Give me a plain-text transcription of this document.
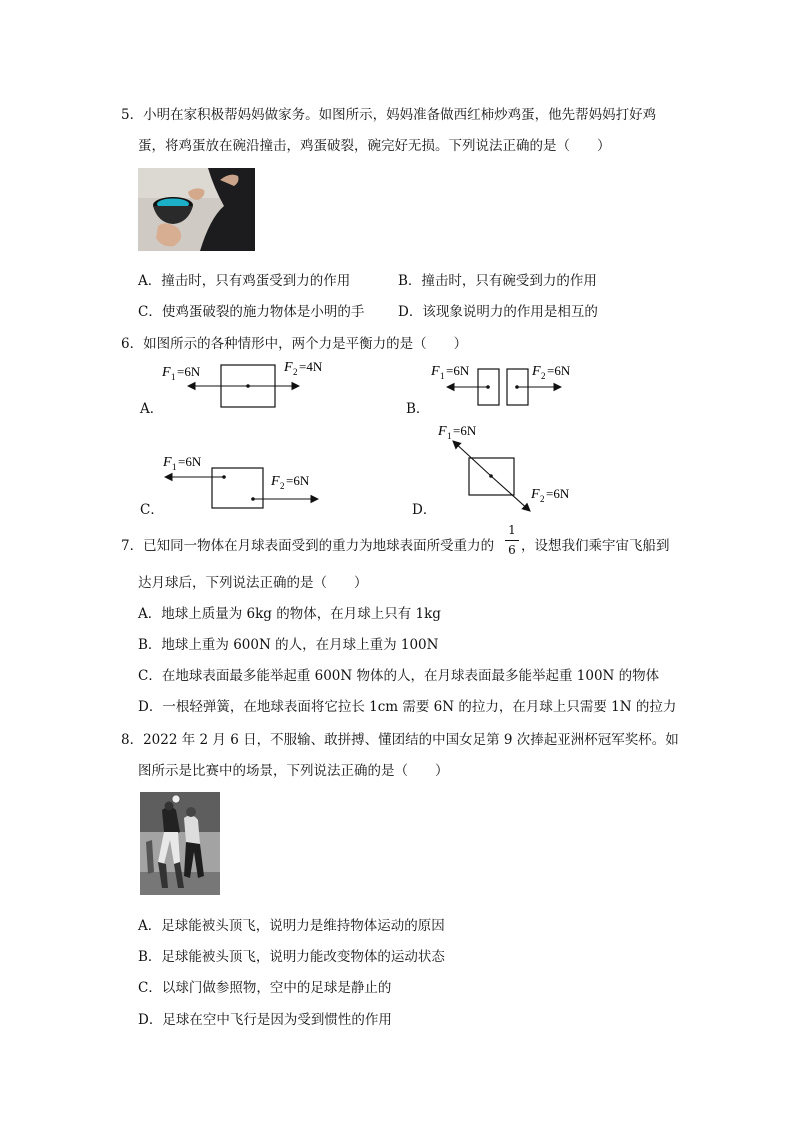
5．小明在家积极帮妈妈做家务。如图所示，妈妈准备做西红柿炒鸡蛋，他先帮妈妈打好鸡
蛋，将鸡蛋放在碗沿撞击，鸡蛋破裂，碗完好无损。下列说法正确的是（　　）
A．撞击时，只有鸡蛋受到力的作用	B．撞击时，只有碗受到力的作用
C．使鸡蛋破裂的施力物体是小明的手 D．该现象说明力的作用是相互的
6．如图所示的各种情形中，两个力是平衡力的是（　　）
A．
F 1 =6N	F 2 =4N
B．
F 1 =6N	F 2 =6N
C．
F 1 =6N
F 2 =6N
D．
F 1 =6N
F 2 =6N
7．已知同一物体在月球表面受到的重力为地球表面所受重力的
1
6 ，设想我们乘宇宙飞船到
达月球后，下列说法正确的是（　　）
A．地球上质量为 6kg 的物体，在月球上只有 1kg
B．地球上重为 600N 的人，在月球上重为 100N
C．在地球表面最多能举起重 600N 物体的人，在月球表面最多能举起重 100N 的物体
D．一根轻弹簧，在地球表面将它拉长 1cm 需要 6N 的拉力，在月球上只需要 1N 的拉力
8．2022 年 2 月 6 日，不服输、敢拼搏、懂团结的中国女足第 9 次捧起亚洲杯冠军奖杯。如
图所示是比赛中的场景，下列说法正确的是（　　）
A．足球能被头顶飞，说明力是维持物体运动的原因
B．足球能被头顶飞，说明力能改变物体的运动状态
C．以球门做参照物，空中的足球是静止的
D．足球在空中飞行是因为受到惯性的作用
